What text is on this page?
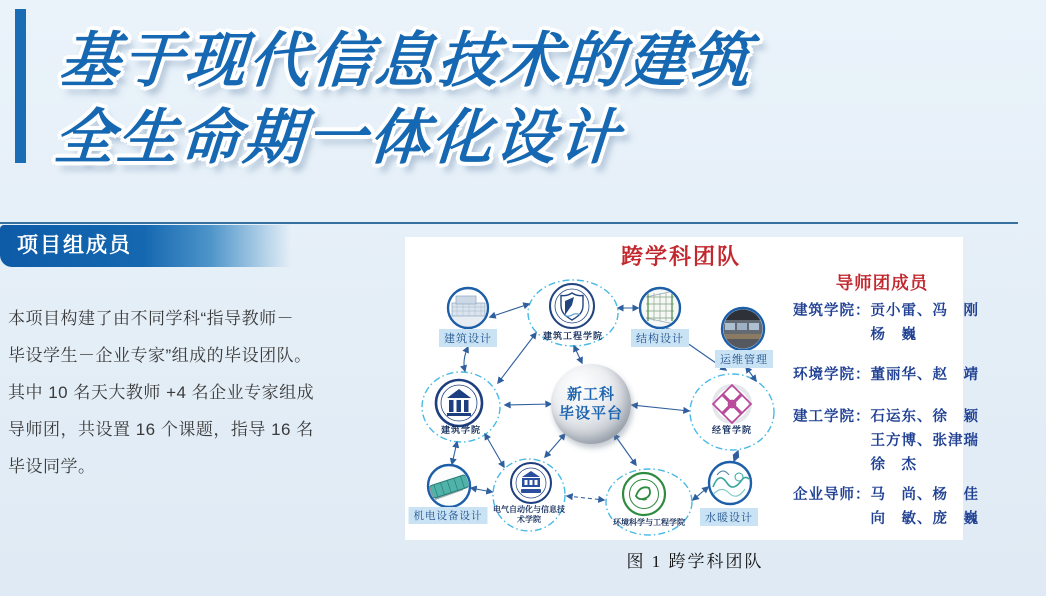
基于现代信息技术的建筑
全生命期一体化设计
项目组成员
本项目构建了由不同学科“指导教师－
毕设学生－企业专家”组成的毕设团队。
其中 10 名天大教师 +4 名企业专家组成
导师团，共设置 16 个课题，指导 16 名
毕设同学。
跨学科团队
导师团成员
新工科
毕设平台
建筑工程学院
建筑学院	经管学院
电气自动化与信息技
术学院	环境科学与工程学院
建筑设计	结构设计
运维管理
机电设备设计	水暖设计
建筑学院： 贡小雷、冯　刚
杨　巍
环境学院： 董丽华、赵　靖
建工学院： 石运东、徐　颖
王方博、张津瑞
徐　杰
企业导师： 马　尚、杨　佳
向　敏、庞　巍
图 1 跨学科团队
